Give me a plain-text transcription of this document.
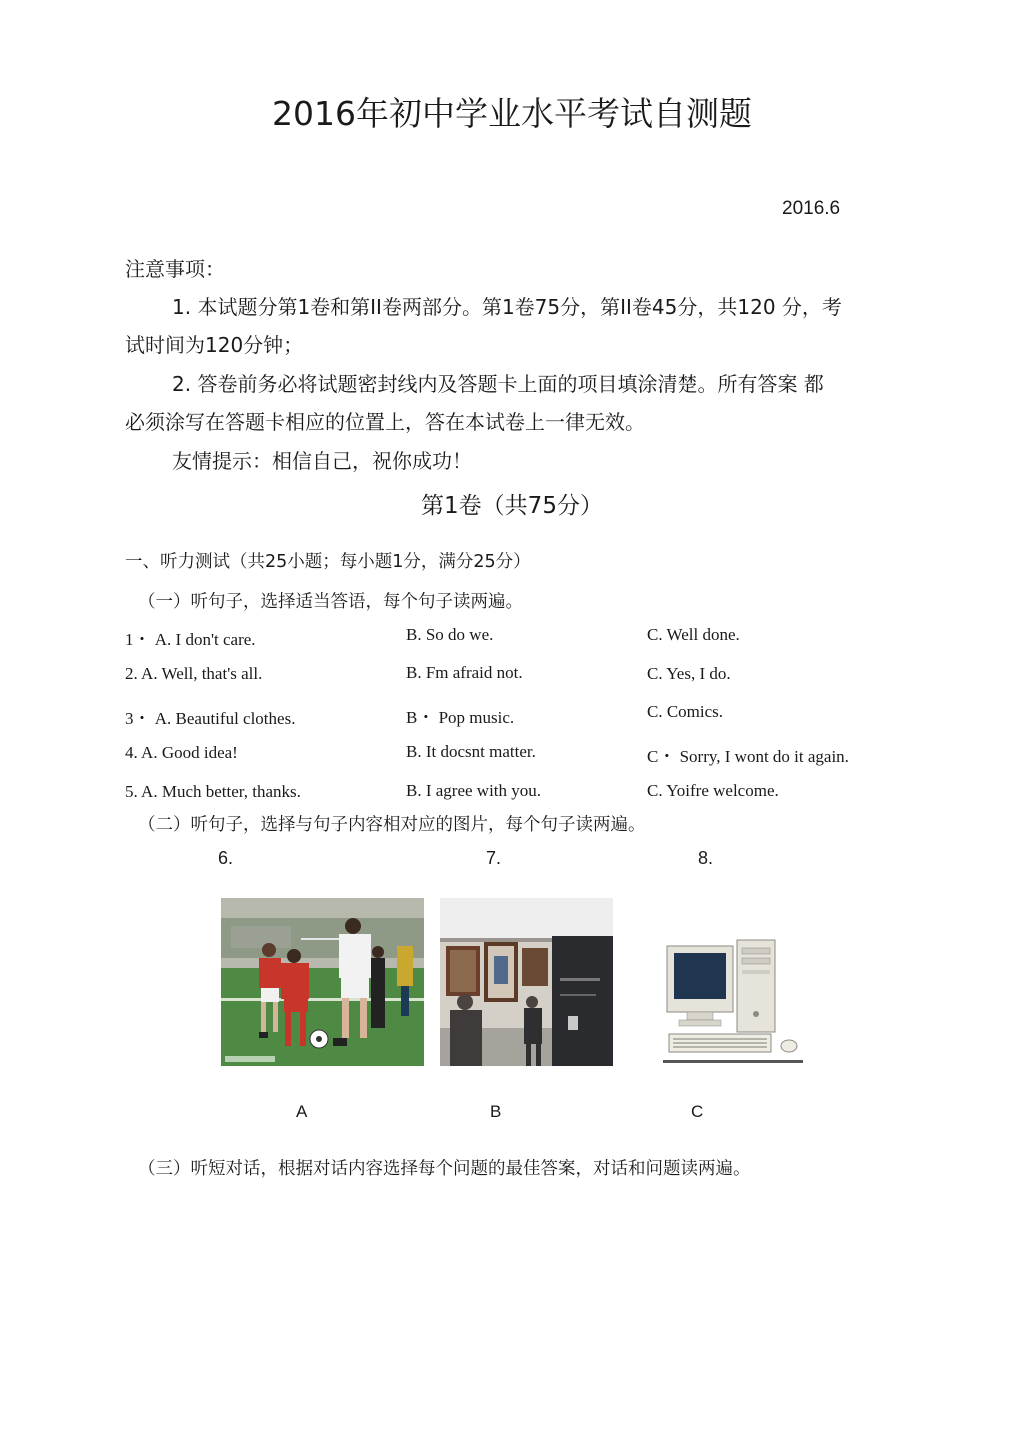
2016年初中学业水平考试自测题
2016.6
注意事项：
1. 本试题分第1卷和第II卷两部分。第1卷75分，第II卷45分，共120 分，考
试时间为120分钟；
2. 答卷前务必将试题密封线内及答题卡上面的项目填涂清楚。所有答案 都
必须涂写在答题卡相应的位置上，答在本试卷上一律无效。
友情提示：相信自己，祝你成功！
第1卷（共75分）
一、听力测试（共25小题；每小题1分，满分25分）
（一）听句子，选择适当答语，每个句子读两遍。
1・ A. I don't care.	B. So do we.	C. Well done.
2. A. Well, that's all.	B. Fm afraid not.	C. Yes, I do.
3・ A. Beautiful clothes.	B・ Pop music.	C. Comics.
4. A. Good idea!	B. It docsnt matter.	C・ Sorry, I wont do it again.
5. A. Much better, thanks.	B. I agree with you.	C. Yoifre welcome.
（二）听句子，选择与句子内容相对应的图片，每个句子读两遍。
6.	7.	8.
A	B	C
（三）听短对话，根据对话内容选择每个问题的最佳答案，对话和问题读两遍。
